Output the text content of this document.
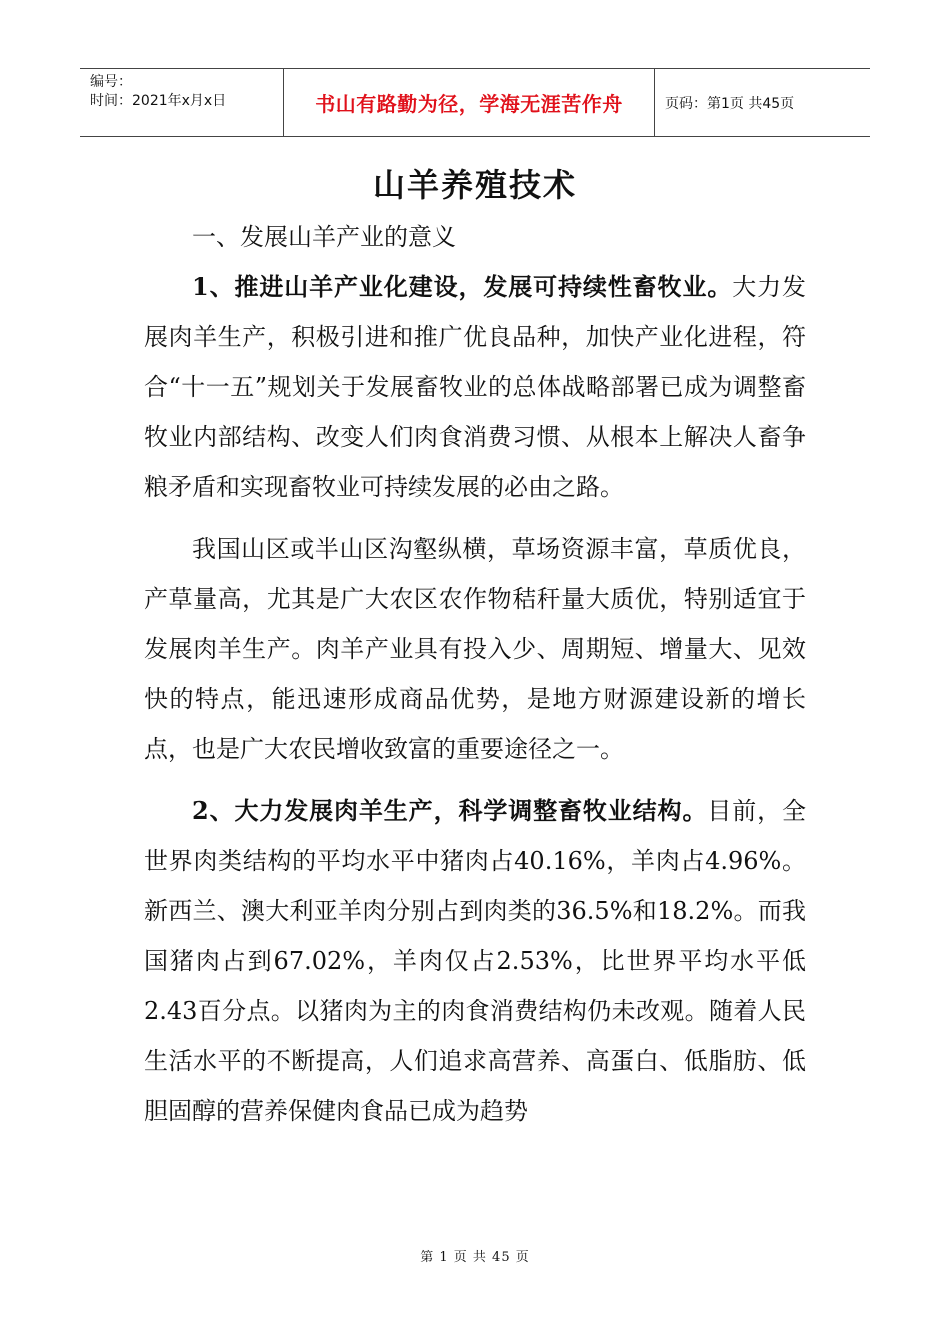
编号：
时间：2021年x月x日	书山有路勤为径，学海无涯苦作舟	页码：第1页 共45页
山羊养殖技术
一、发展山羊产业的意义

1、推进山羊产业化建设，发展可持续性畜牧业。大力发展肉羊生产，积极引进和推广优良品种，加快产业化进程，符合“十一五”规划关于发展畜牧业的总体战略部署已成为调整畜牧业内部结构、改变人们肉食消费习惯、从根本上解决人畜争粮矛盾和实现畜牧业可持续发展的必由之路。

我国山区或半山区沟壑纵横，草场资源丰富，草质优良，产草量高，尤其是广大农区农作物秸秆量大质优，特别适宜于发展肉羊生产。肉羊产业具有投入少、周期短、增量大、见效快的特点，能迅速形成商品优势，是地方财源建设新的增长点，也是广大农民增收致富的重要途径之一。

2、大力发展肉羊生产，科学调整畜牧业结构。目前，全世界肉类结构的平均水平中猪肉占40.16%，羊肉占4.96%。新西兰、澳大利亚羊肉分别占到肉类的36.5%和18.2%。而我国猪肉占到67.02%，羊肉仅占2.53%，比世界平均水平低2.43百分点。以猪肉为主的肉食消费结构仍未改观。随着人民生活水平的不断提高，人们追求高营养、高蛋白、低脂肪、低胆固醇的营养保健肉食品已成为趋势

第 1 页 共 45 页
